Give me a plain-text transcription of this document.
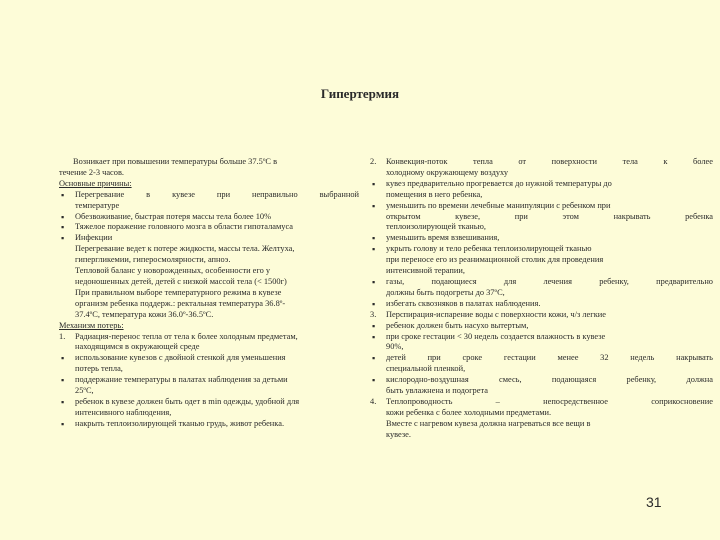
Гипертермия
Возникает при повышении температуры больше 37.5ºC в
течение 2-3 часов.
Основные причины:
▪ Перегревание в кувезе при неправильно выбранной
температуре
▪ Обезвоживание, быстрая потеря массы тела более 10%
▪ Тяжелое поражение головного мозга в области гипоталамуса
▪ Инфекции
Перегревание ведет к потере жидкости, массы тела. Желтуха,
гипергликемии, гиперосмолярности, апноэ.
Тепловой баланс у новорожденных, особенности его у
недоношенных детей, детей с низкой массой тела (< 1500г)
При правильном выборе температурного режима в кувезе
организм ребенка поддерж.: ректальная температура 36.8º-
37.4ºC, температура кожи 36.0º-36.5ºC.
Механизм потерь:
1. Радиация-перенос тепла от тела к более холодным предметам,
находящимся в окружающей среде
▪ использование кувезов с двойной стенкой для уменьшения
потерь тепла,
▪ поддержание температуры в палатах наблюдения за детьми
25ºC,
▪ ребенок в кувезе должен быть одет в min одежды, удобной для
интенсивного наблюдения,
▪ накрыть теплоизолирующей тканью грудь, живот ребенка.
2. Конвекция-поток тепла от поверхности тела к более
холодному окружающему воздуху
▪ кувез предварительно прогревается до нужной температуры до
помещения в него ребенка,
▪ уменьшить по времени лечебные манипуляции с ребенком при
открытом кувезе, при этом накрывать ребенка
теплоизолирующей тканью,
▪ уменьшить время взвешивания,
▪ укрыть голову и тело ребенка теплоизолирующей тканью
при переносе его из реанимационной столик для проведения
интенсивной терапии,
▪ газы, подающиеся для лечения ребенку, предварительно
должны быть подогреты до 37ºC,
▪ избегать сквозняков в палатах наблюдения.
3. Перспирация-испарение воды с поверхности кожи, ч/з легкие
▪ ребенок должен быть насухо вытертым,
▪ при сроке гестации < 30 недель создается влажность в кувезе
90%,
▪ детей при сроке гестации менее 32 недель накрывать
специальной пленкой,
▪ кислородно-воздушная смесь, подающаяся ребенку, должна
быть увлажнена и подогрета
4. Теплопроводность – непосредственное соприкосновение
кожи ребенка с более холодными предметами.
Вместе с нагревом кувеза должна нагреваться все вещи в
кувезе.
31
